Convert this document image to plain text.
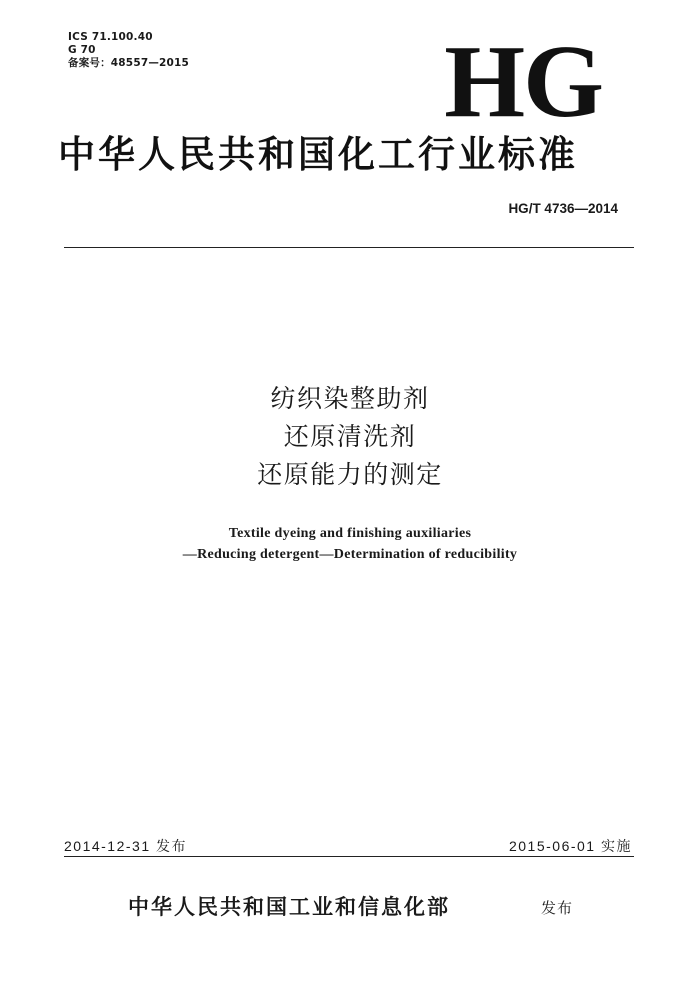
ICS 71.100.40
G 70
备案号：48557—2015 HG
中华人民共和国化工行业标准
HG/T 4736—2014
纺织染整助剂
还原清洗剂
还原能力的测定
Textile dyeing and finishing auxiliaries
—Reducing detergent—Determination of reducibility
2014-12-31 发布	2015-06-01 实施
中华人民共和国工业和信息化部	发布
